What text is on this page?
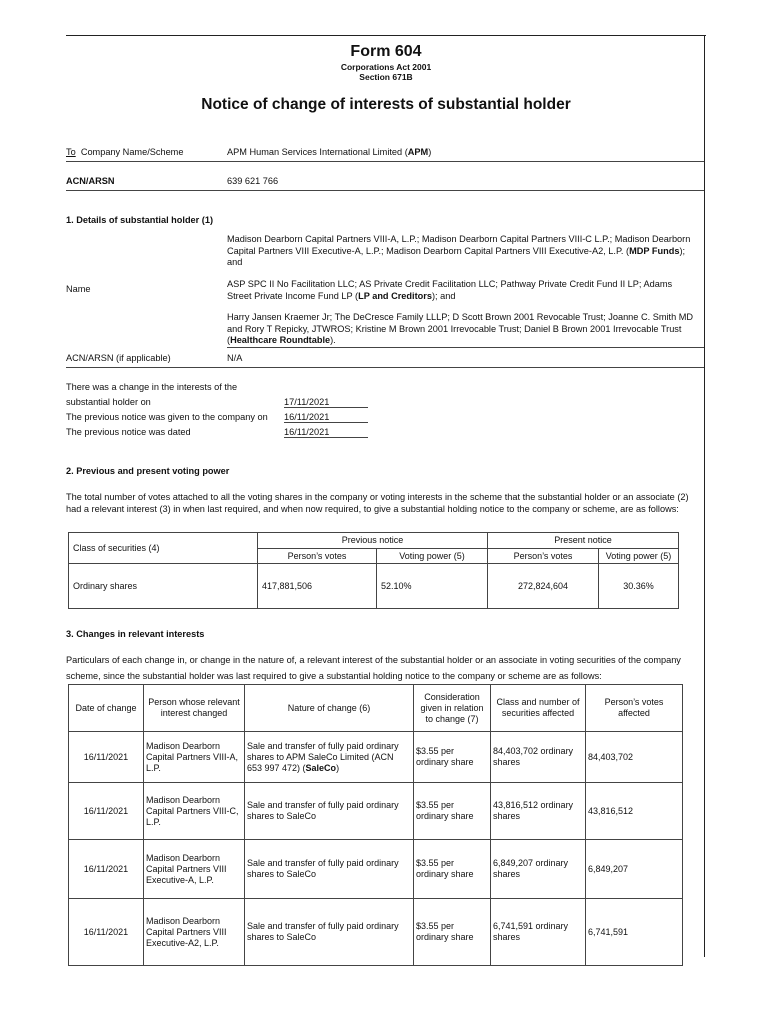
Form 604
Corporations Act 2001
Section 671B
Notice of change of interests of substantial holder
To Company Name/Scheme	APM Human Services International Limited (APM)
ACN/ARSN	639 621 766
1. Details of substantial holder (1)
Madison Dearborn Capital Partners VIII-A, L.P.; Madison Dearborn Capital Partners VIII-C L.P.; Madison Dearborn Capital Partners VIII Executive-A, L.P.; Madison Dearborn Capital Partners VIII Executive-A2, L.P. (MDP Funds); and
Name	ASP SPC II No Facilitation LLC; AS Private Credit Facilitation LLC; Pathway Private Credit Fund II LP; Adams Street Private Income Fund LP (LP and Creditors); and
Harry Jansen Kraemer Jr; The DeCresce Family LLLP; D Scott Brown 2001 Revocable Trust; Joanne C. Smith MD and Rory T Repicky, JTWROS; Kristine M Brown 2001 Irrevocable Trust; Daniel B Brown 2001 Irrevocable Trust (Healthcare Roundtable).
ACN/ARSN (if applicable)	N/A
There was a change in the interests of the
substantial holder on	17/11/2021
The previous notice was given to the company on 16/11/2021
The previous notice was dated	16/11/2021
2. Previous and present voting power
The total number of votes attached to all the voting shares in the company or voting interests in the scheme that the substantial holder or an associate (2) had a relevant interest (3) in when last required, and when now required, to give a substantial holding notice to the company or scheme, are as follows:
Class of securities (4)	Previous notice		Present notice	
	Person’s votes	Voting power (5)	Person’s votes	Voting power (5)
Ordinary shares	417,881,506	52.10%	272,824,604	30.36%
3. Changes in relevant interests
Particulars of each change in, or change in the nature of, a relevant interest of the substantial holder or an associate in voting securities of the company
scheme, since the substantial holder was last required to give a substantial holding notice to the company or scheme are as follows:
Date of change	Person whose relevant interest changed	Nature of change (6)	Consideration given in relation to change (7)	Class and number of securities affected	Person’s votes affected
16/11/2021	Madison Dearborn Capital Partners VIII-A, L.P.	Sale and transfer of fully paid ordinary shares to APM SaleCo Limited (ACN 653 997 472) (SaleCo)	$3.55 per ordinary share	84,403,702 ordinary shares	84,403,702
16/11/2021	Madison Dearborn Capital Partners VIII-C, L.P.	Sale and transfer of fully paid ordinary shares to SaleCo	$3.55 per ordinary share	43,816,512 ordinary shares	43,816,512
16/11/2021	Madison Dearborn Capital Partners VIII Executive-A, L.P.	Sale and transfer of fully paid ordinary shares to SaleCo	$3.55 per ordinary share	6,849,207 ordinary shares	6,849,207
16/11/2021	Madison Dearborn Capital Partners VIII Executive-A2, L.P.	Sale and transfer of fully paid ordinary shares to SaleCo	$3.55 per ordinary share	6,741,591 ordinary shares	6,741,591
